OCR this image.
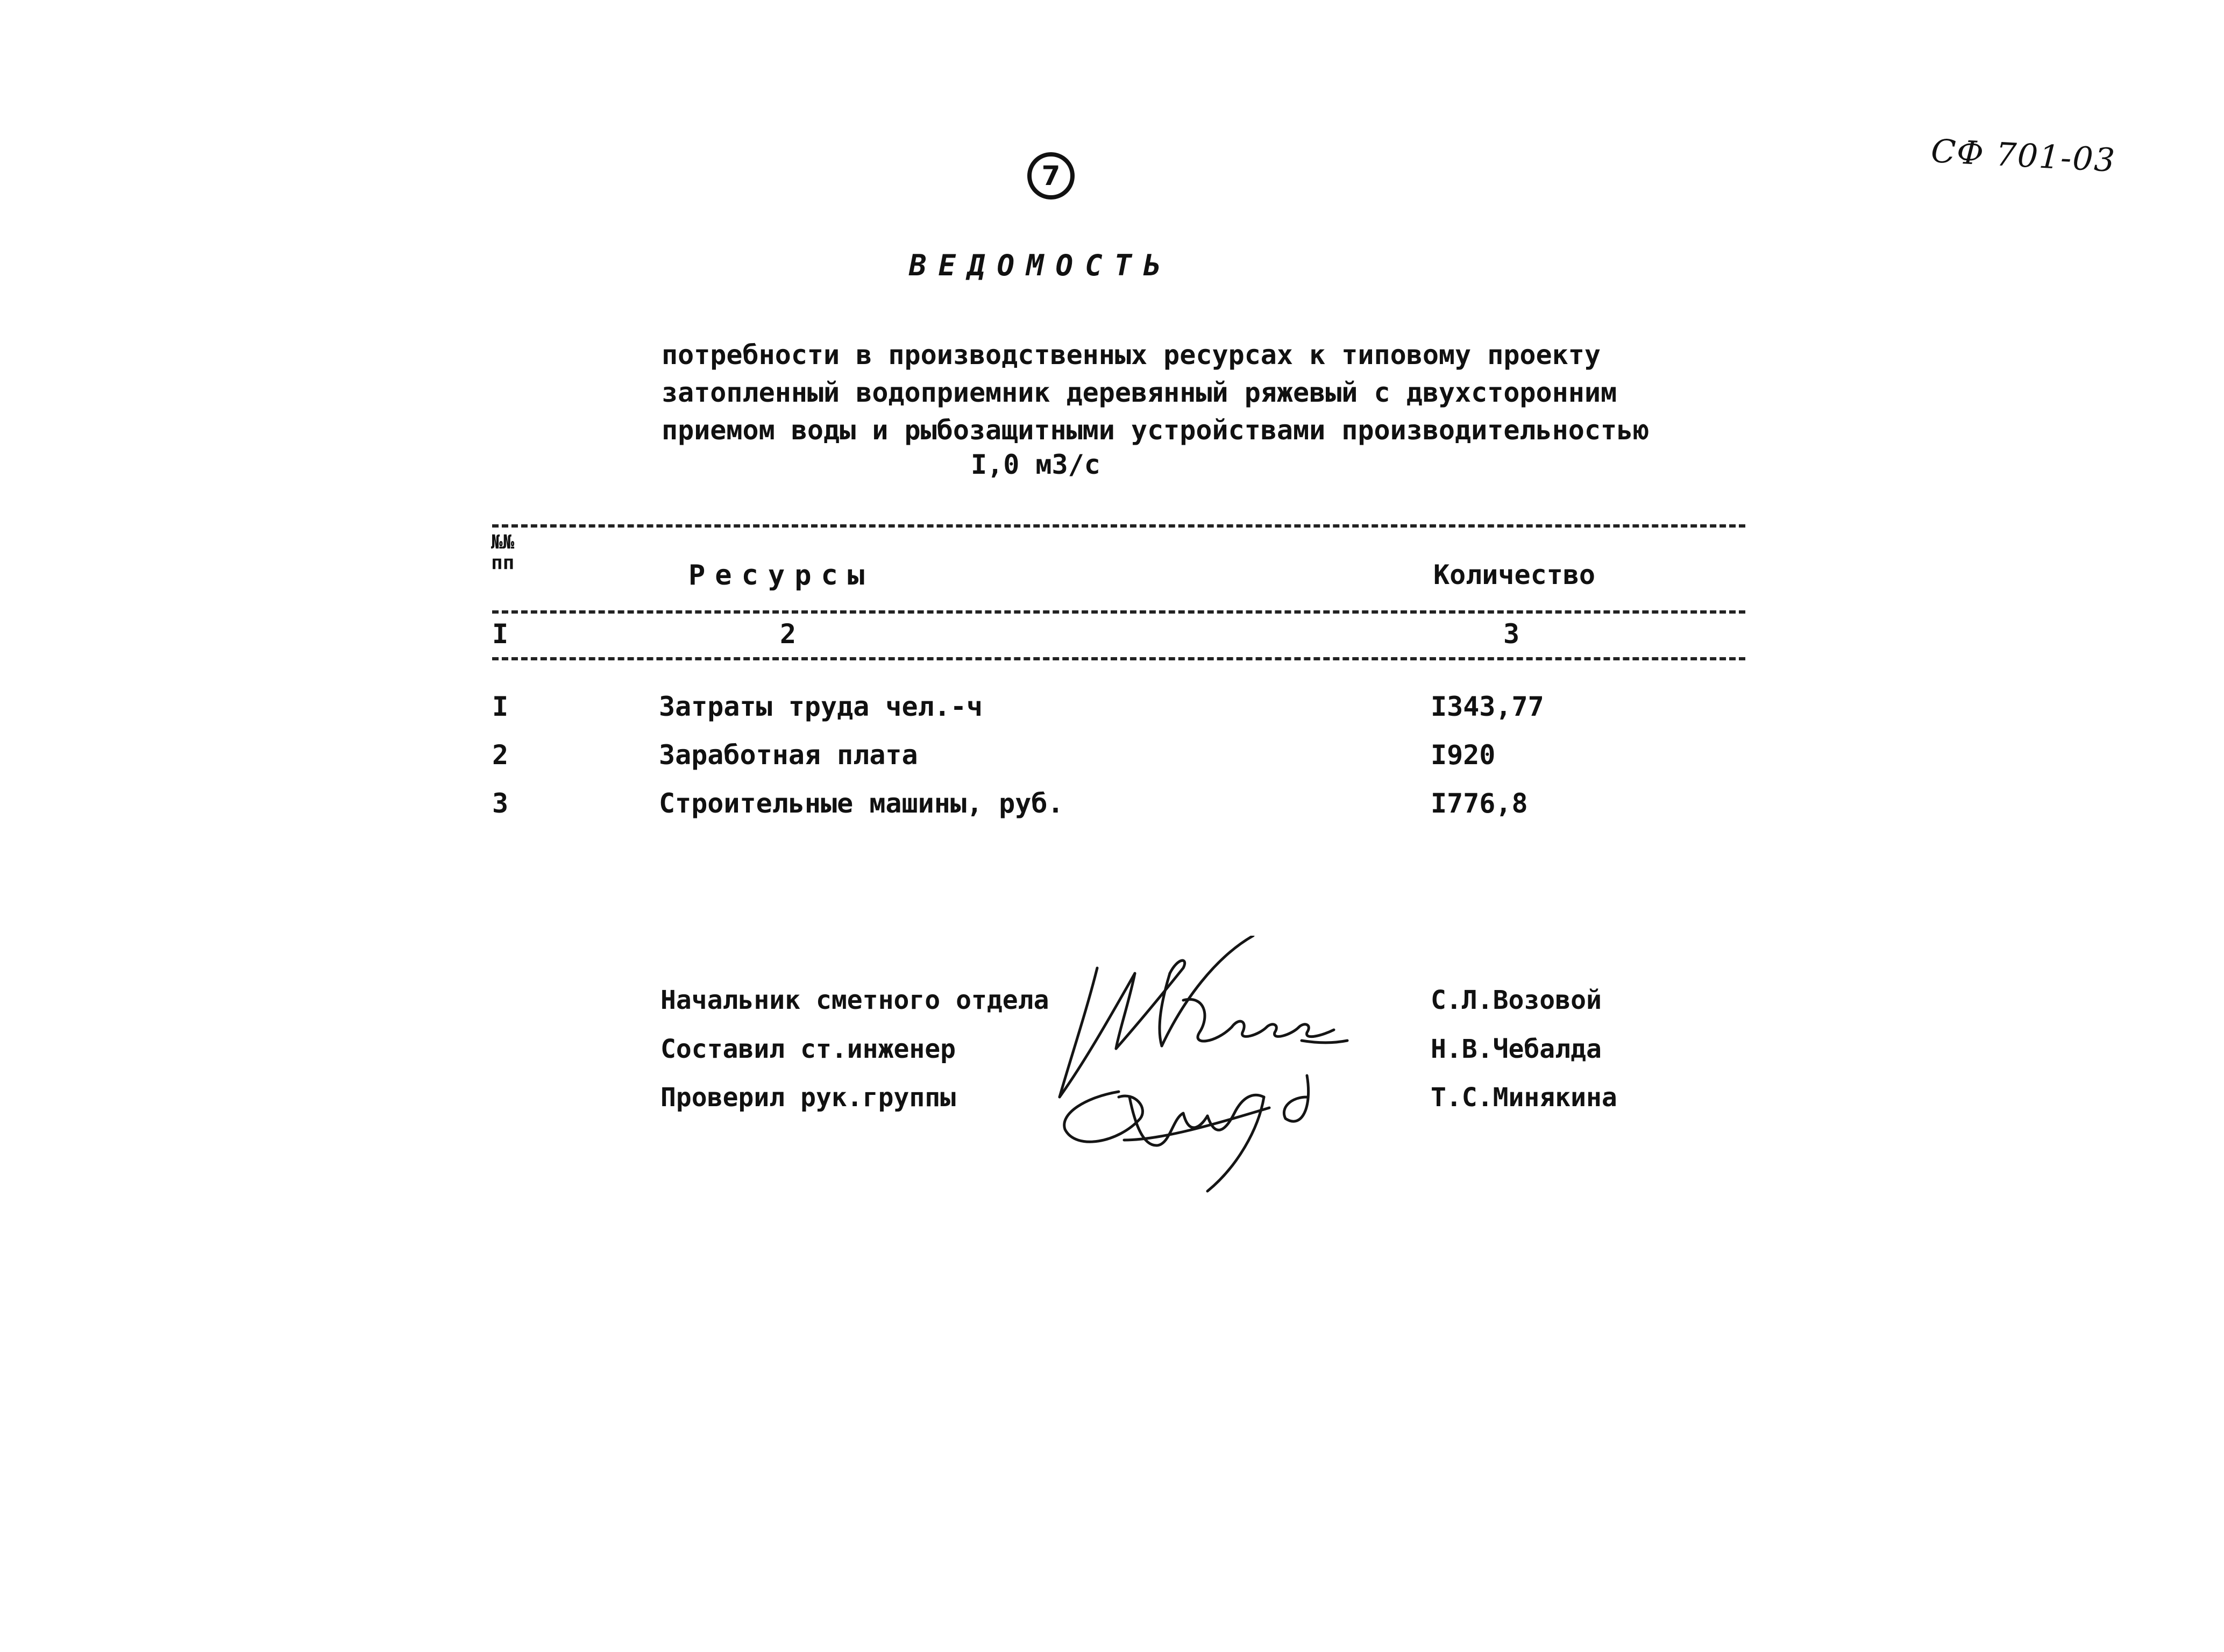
СФ 701-03
7
ВЕДОМОСТЬ
потребности в производственных ресурсах к типовому проекту
затопленный водоприемник деревянный ряжевый с двухсторонним
приемом воды и рыбозащитными устройствами производительностью
I,0 м3/с
№№ пп	Ресурсы	Количество
I	2	3
I	Затраты труда чел.-ч	I343,77
2	Заработная плата	I920
3	Строительные машины, руб.	I776,8
Начальник сметного отдела	С.Л.Возовой
Составил ст.инженер	Н.В.Чебалда
Проверил рук.группы	Т.С.Минякина
